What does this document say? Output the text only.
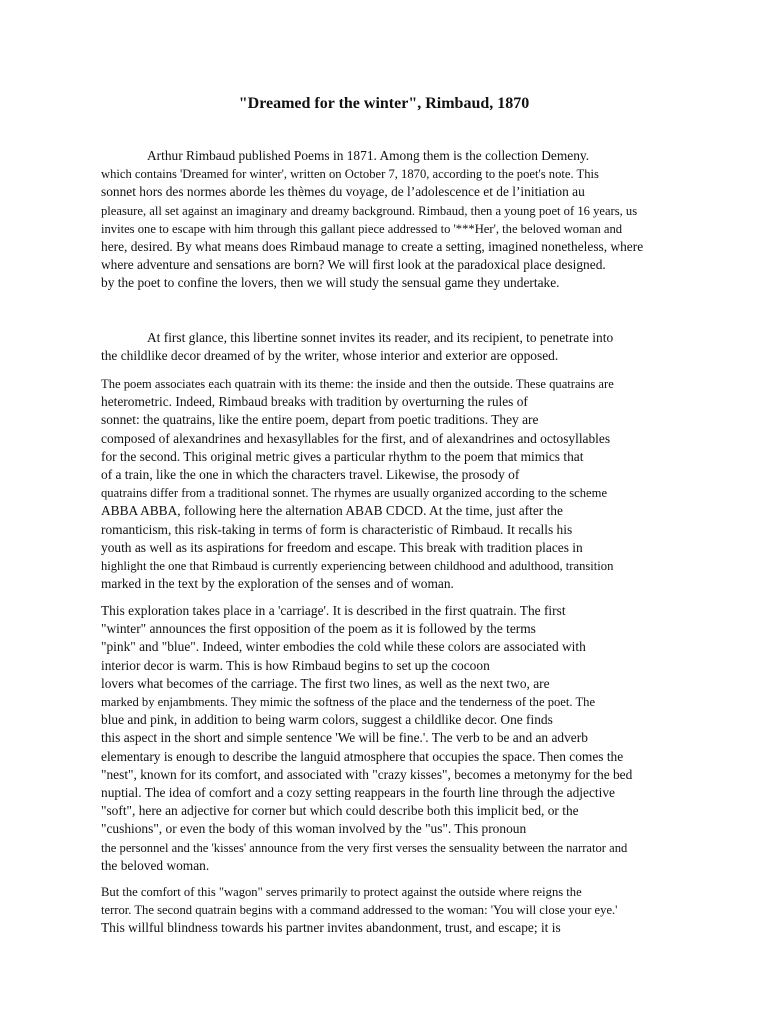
"Dreamed for the winter", Rimbaud, 1870
Arthur Rimbaud published Poems in 1871. Among them is the collection Demeny.
which contains 'Dreamed for winter', written on October 7, 1870, according to the poet's note. This
sonnet hors des normes aborde les thèmes du voyage, de l’adolescence et de l’initiation au
pleasure, all set against an imaginary and dreamy background. Rimbaud, then a young poet of 16 years, us
invites one to escape with him through this gallant piece addressed to '***Her', the beloved woman and
here, desired. By what means does Rimbaud manage to create a setting, imagined nonetheless, where
where adventure and sensations are born? We will first look at the paradoxical place designed.
by the poet to confine the lovers, then we will study the sensual game they undertake.
At first glance, this libertine sonnet invites its reader, and its recipient, to penetrate into
the childlike decor dreamed of by the writer, whose interior and exterior are opposed.
The poem associates each quatrain with its theme: the inside and then the outside. These quatrains are
heterometric. Indeed, Rimbaud breaks with tradition by overturning the rules of
sonnet: the quatrains, like the entire poem, depart from poetic traditions. They are
composed of alexandrines and hexasyllables for the first, and of alexandrines and octosyllables
for the second. This original metric gives a particular rhythm to the poem that mimics that
of a train, like the one in which the characters travel. Likewise, the prosody of
quatrains differ from a traditional sonnet. The rhymes are usually organized according to the scheme
ABBA ABBA, following here the alternation ABAB CDCD. At the time, just after the
romanticism, this risk-taking in terms of form is characteristic of Rimbaud. It recalls his
youth as well as its aspirations for freedom and escape. This break with tradition places in
highlight the one that Rimbaud is currently experiencing between childhood and adulthood, transition
marked in the text by the exploration of the senses and of woman.
This exploration takes place in a 'carriage'. It is described in the first quatrain. The first
"winter" announces the first opposition of the poem as it is followed by the terms
"pink" and "blue". Indeed, winter embodies the cold while these colors are associated with
interior decor is warm. This is how Rimbaud begins to set up the cocoon
lovers what becomes of the carriage. The first two lines, as well as the next two, are
marked by enjambments. They mimic the softness of the place and the tenderness of the poet. The
blue and pink, in addition to being warm colors, suggest a childlike decor. One finds
this aspect in the short and simple sentence 'We will be fine.'. The verb to be and an adverb
elementary is enough to describe the languid atmosphere that occupies the space. Then comes the
"nest", known for its comfort, and associated with "crazy kisses", becomes a metonymy for the bed
nuptial. The idea of comfort and a cozy setting reappears in the fourth line through the adjective
"soft", here an adjective for corner but which could describe both this implicit bed, or the
"cushions", or even the body of this woman involved by the "us". This pronoun
the personnel and the 'kisses' announce from the very first verses the sensuality between the narrator and
the beloved woman.
But the comfort of this "wagon" serves primarily to protect against the outside where reigns the
terror. The second quatrain begins with a command addressed to the woman: 'You will close your eye.'
This willful blindness towards his partner invites abandonment, trust, and escape; it is
